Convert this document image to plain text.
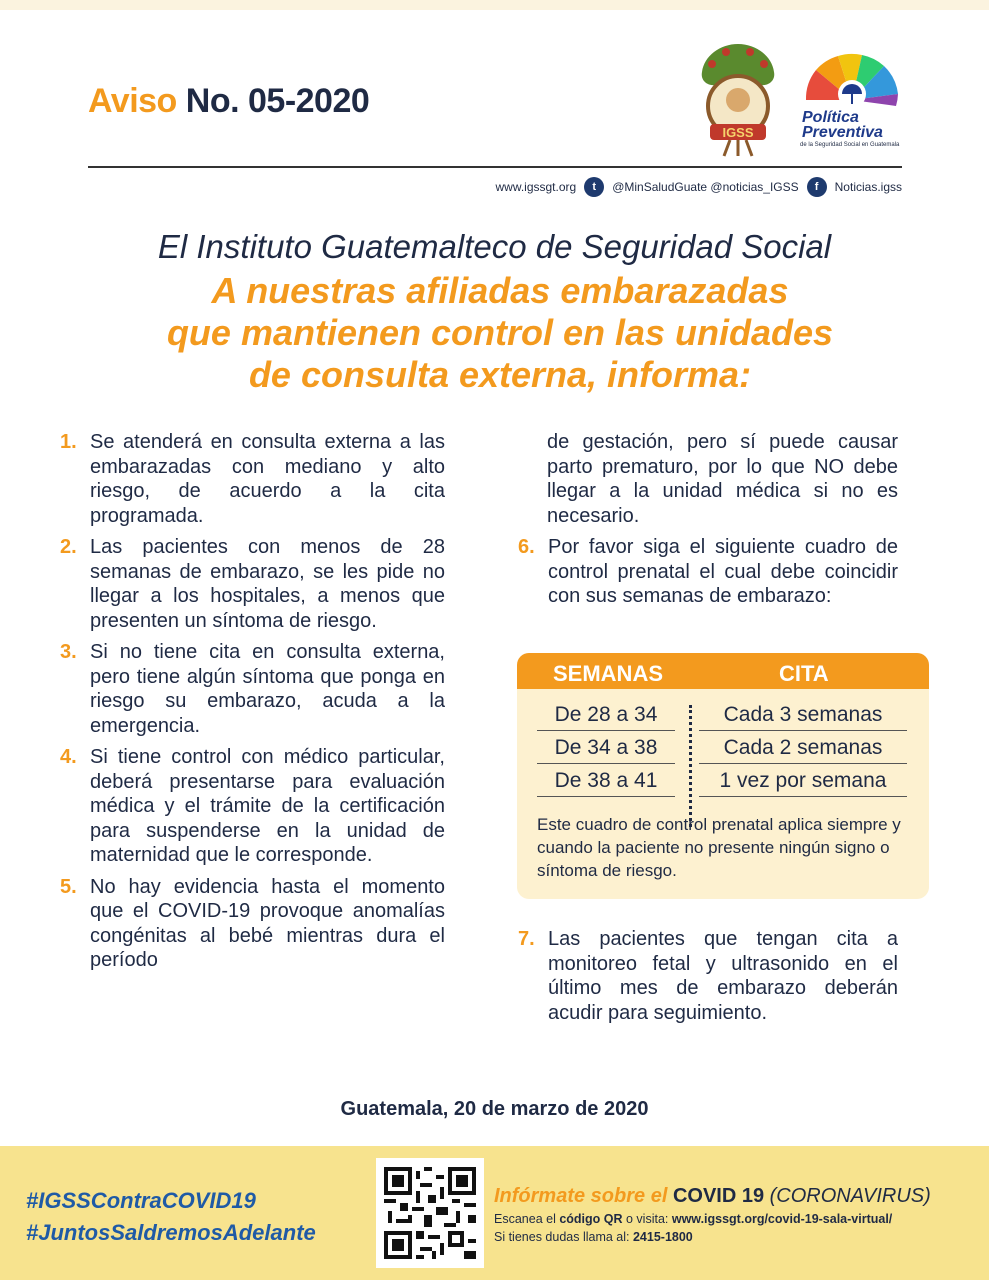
Aviso No. 05-2020
IGSS
Política
Preventiva
de la Seguridad Social en Guatemala
www.igssgt.org	t	@MinSaludGuate @noticias_IGSS	f	Noticias.igss
El Instituto Guatemalteco de Seguridad Social
A nuestras afiliadas embarazadas
que mantienen control en las unidades
de consulta externa, informa:
1. Se atenderá en consulta externa a las embarazadas con mediano y alto riesgo, de acuerdo a la cita programada.
2. Las pacientes con menos de 28 semanas de embarazo, se les pide no llegar a los hospitales, a menos que presenten un síntoma de riesgo.
3. Si no tiene cita en consulta externa, pero tiene algún síntoma que ponga en riesgo su embarazo, acuda a la emergencia.
4. Si tiene control con médico particular, deberá presentarse para evaluación médica y el trámite de la certificación para suspenderse en la unidad de maternidad que le corresponde.
5. No hay evidencia hasta el momento que el COVID-19 provoque anomalías congénitas al bebé mientras dura el período
de gestación, pero sí puede causar parto prematuro, por lo que NO debe llegar a la unidad médica si no es necesario.
6. Por favor siga el siguiente cuadro de control prenatal el cual debe coincidir con sus semanas de embarazo:
SEMANAS	CITA
De 28 a 34	Cada 3 semanas
De 34 a 38	Cada 2 semanas
De 38 a 41	1 vez por semana
Este cuadro de control prenatal aplica siempre y cuando la paciente no presente ningún signo o síntoma de riesgo.
7. Las pacientes que tengan cita a monitoreo fetal y ultrasonido en el último mes de embarazo deberán acudir para seguimiento.
Guatemala, 20 de marzo de 2020
#IGSSContraCOVID19
#JuntosSaldremosAdelante
Infórmate sobre el COVID 19 (CORONAVIRUS)
Escanea el código QR o visita: www.igssgt.org/covid-19-sala-virtual/
Si tienes dudas llama al: 2415-1800
